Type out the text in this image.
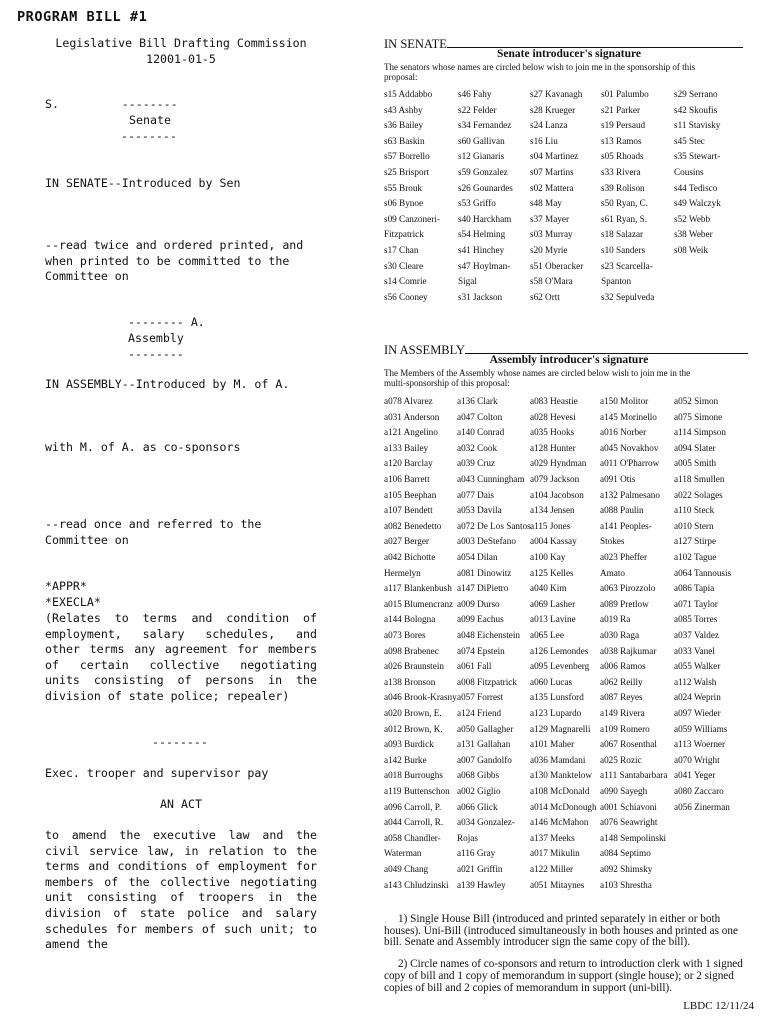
PROGRAM BILL #1
Legislative Bill Drafting Commission
12001-01-5
S.         --------
Senate
--------
IN SENATE--Introduced by Sen
--read twice and ordered printed, and when printed to be committed to the Committee on
-------- A.
Assembly
--------
IN ASSEMBLY--Introduced by M. of A.
with M. of A. as co-sponsors
--read once and referred to the Committee on
*APPR*
*EXECLA*
(Relates to terms and condition of employment, salary schedules, and other terms any agreement for members of certain collective negotiating units consisting of persons in the division of state police; repealer)
--------
Exec. trooper and supervisor pay
AN ACT
to amend the executive law and the civil service law, in relation to the terms and conditions of employment for members of the collective negotiating unit consisting of troopers in the division of state police and salary schedules for members of such unit; to amend the
IN SENATE
Senate introducer's signature
The senators whose names are circled below wish to join me in the sponsorship of this proposal:
s15 Addabbo
s43 Ashby
s36 Bailey
s63 Baskin
s57 Borrello
s25 Brisport
s55 Brouk
s06 Bynoe
s09 Canzoneri-
Fitzpatrick
s17 Chan
s30 Cleare
s14 Comrie
s56 Cooney
s46 Fahy
s22 Felder
s34 Fernandez
s60 Gallivan
s12 Gianaris
s59 Gonzalez
s26 Gounardes
s53 Griffo
s40 Harckham
s54 Helming
s41 Hinchey
s47 Hoylman-
Sigal
s31 Jackson
s27 Kavanagh
s28 Krueger
s24 Lanza
s16 Liu
s04 Martinez
s07 Martins
s02 Mattera
s48 May
s37 Mayer
s03 Murray
s20 Myrie
s51 Oberacker
s58 O'Mara
s62 Ortt
s01 Palumbo
s21 Parker
s19 Persaud
s13 Ramos
s05 Rhoads
s33 Rivera
s39 Rolison
s50 Ryan, C.
s61 Ryan, S.
s18 Salazar
s10 Sanders
s23 Scarcella-
Spanton
s32 Sepulveda
s29 Serrano
s42 Skoufis
s11 Stavisky
s45 Stec
s35 Stewart-
Cousins
s44 Tedisco
s49 Walczyk
s52 Webb
s38 Weber
s08 Weik
IN ASSEMBLY
Assembly introducer's signature
The Members of the Assembly whose names are circled below wish to join me in the multi-sponsorship of this proposal:
a078 Alvarez
a031 Anderson
a121 Angelino
a133 Bailey
a120 Barclay
a106 Barrett
a105 Beephan
a107 Bendett
a082 Benedetto
a027 Berger
a042 Bichotte
Hermelyn
a117 Blankenbush
a015 Blumencranz
a144 Bologna
a073 Bores
a098 Brabenec
a026 Braunstein
a138 Bronson
a046 Brook-Krasny
a020 Brown, E.
a012 Brown, K.
a093 Burdick
a142 Burke
a018 Burroughs
a119 Buttenschon
a096 Carroll, P.
a044 Carroll, R.
a058 Chandler-
Waterman
a049 Chang
a143 Chludzinski
a136 Clark
a047 Colton
a140 Conrad
a032 Cook
a039 Cruz
a043 Cunningham
a077 Dais
a053 Davila
a072 De Los Santos
a003 DeStefano
a054 Dilan
a081 Dinowitz
a147 DiPietro
a009 Durso
a099 Eachus
a048 Eichenstein
a074 Epstein
a061 Fall
a008 Fitzpatrick
a057 Forrest
a124 Friend
a050 Gallagher
a131 Gallahan
a007 Gandolfo
a068 Gibbs
a002 Giglio
a066 Glick
a034 Gonzalez-
Rojas
a116 Gray
a021 Griffin
a139 Hawley
a083 Heastie
a028 Hevesi
a035 Hooks
a128 Hunter
a029 Hyndman
a079 Jackson
a104 Jacobson
a134 Jensen
a115 Jones
a004 Kassay
a100 Kay
a125 Kelles
a040 Kim
a069 Lasher
a013 Lavine
a065 Lee
a126 Lemondes
a095 Levenberg
a060 Lucas
a135 Lunsford
a123 Lupardo
a129 Magnarelli
a101 Maher
a036 Mamdani
a130 Manktelow
a108 McDonald
a014 McDonough
a146 McMahon
a137 Meeks
a017 Mikulin
a122 Miller
a051 Mitaynes
a150 Molitor
a145 Morinello
a016 Norber
a045 Novakhov
a011 O'Pharrow
a091 Otis
a132 Palmesano
a088 Paulin
a141 Peoples-
Stokes
a023 Pheffer
Amato
a063 Pirozzolo
a089 Pretlow
a019 Ra
a030 Raga
a038 Rajkumar
a006 Ramos
a062 Reilly
a087 Reyes
a149 Rivera
a109 Romero
a067 Rosenthal
a025 Rozic
a111 Santabarbara
a090 Sayegh
a001 Schiavoni
a076 Seawright
a148 Sempolinski
a084 Septimo
a092 Shimsky
a103 Shrestha
a052 Simon
a075 Simone
a114 Simpson
a094 Slater
a005 Smith
a118 Smullen
a022 Solages
a110 Steck
a010 Stern
a127 Stirpe
a102 Tague
a064 Tannousis
a086 Tapia
a071 Taylor
a085 Torres
a037 Valdez
a033 Vanel
a055 Walker
a112 Walsh
a024 Weprin
a097 Wieder
a059 Williams
a113 Woerner
a070 Wright
a041 Yeger
a080 Zaccaro
a056 Zinerman

1) Single House Bill (introduced and printed separately in either or both houses). Uni-Bill (introduced simultaneously in both houses and printed as one bill. Senate and Assembly introducer sign the same copy of the bill).

2) Circle names of co-sponsors and return to introduction clerk with 1 signed copy of bill and 1 copy of memorandum in support (single house); or 2 signed copies of bill and 2 copies of memorandum in support (uni-bill).

LBDC 12/11/24
